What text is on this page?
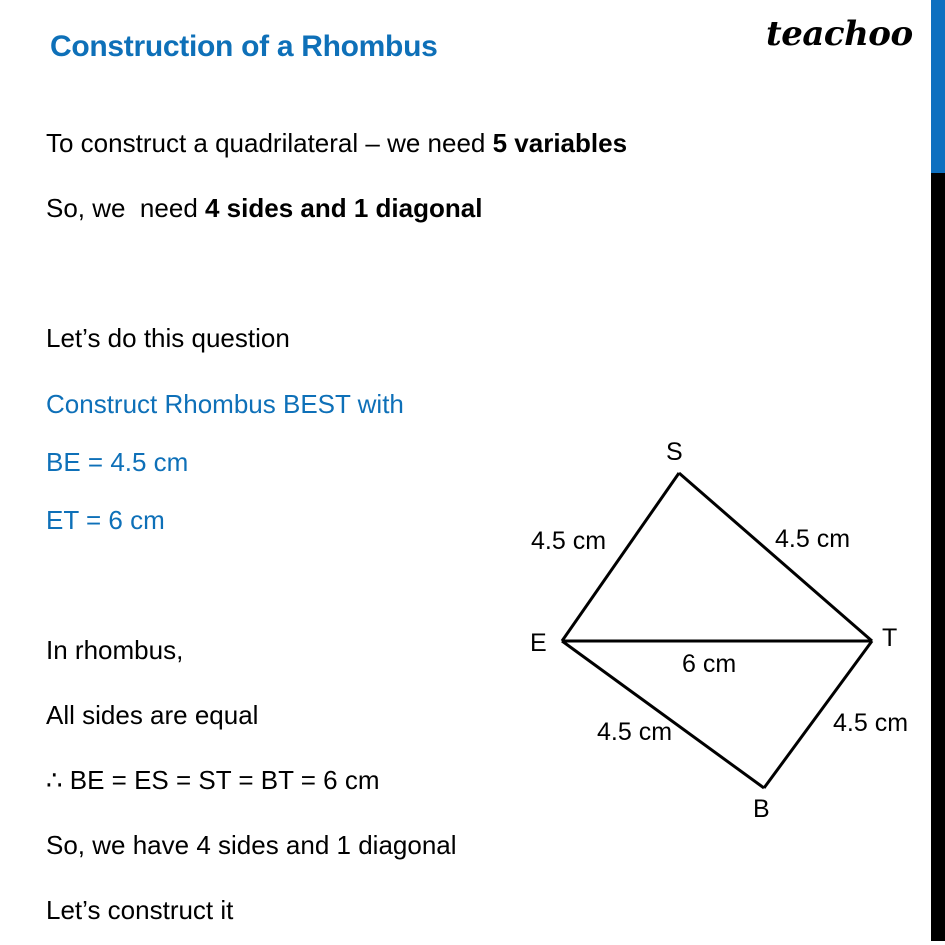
Construction of a Rhombus	teachoo
To construct a quadrilateral – we need 5 variables
So, we  need 4 sides and 1 diagonal
Let’s do this question
Construct Rhombus BEST with
BE = 4.5 cm
ET = 6 cm
In rhombus,
All sides are equal
∴ BE = ES = ST = BT = 6 cm
So, we have 4 sides and 1 diagonal
Let’s construct it
S
E	T
B
4.5 cm	4.5 cm
6 cm
4.5 cm	4.5 cm
